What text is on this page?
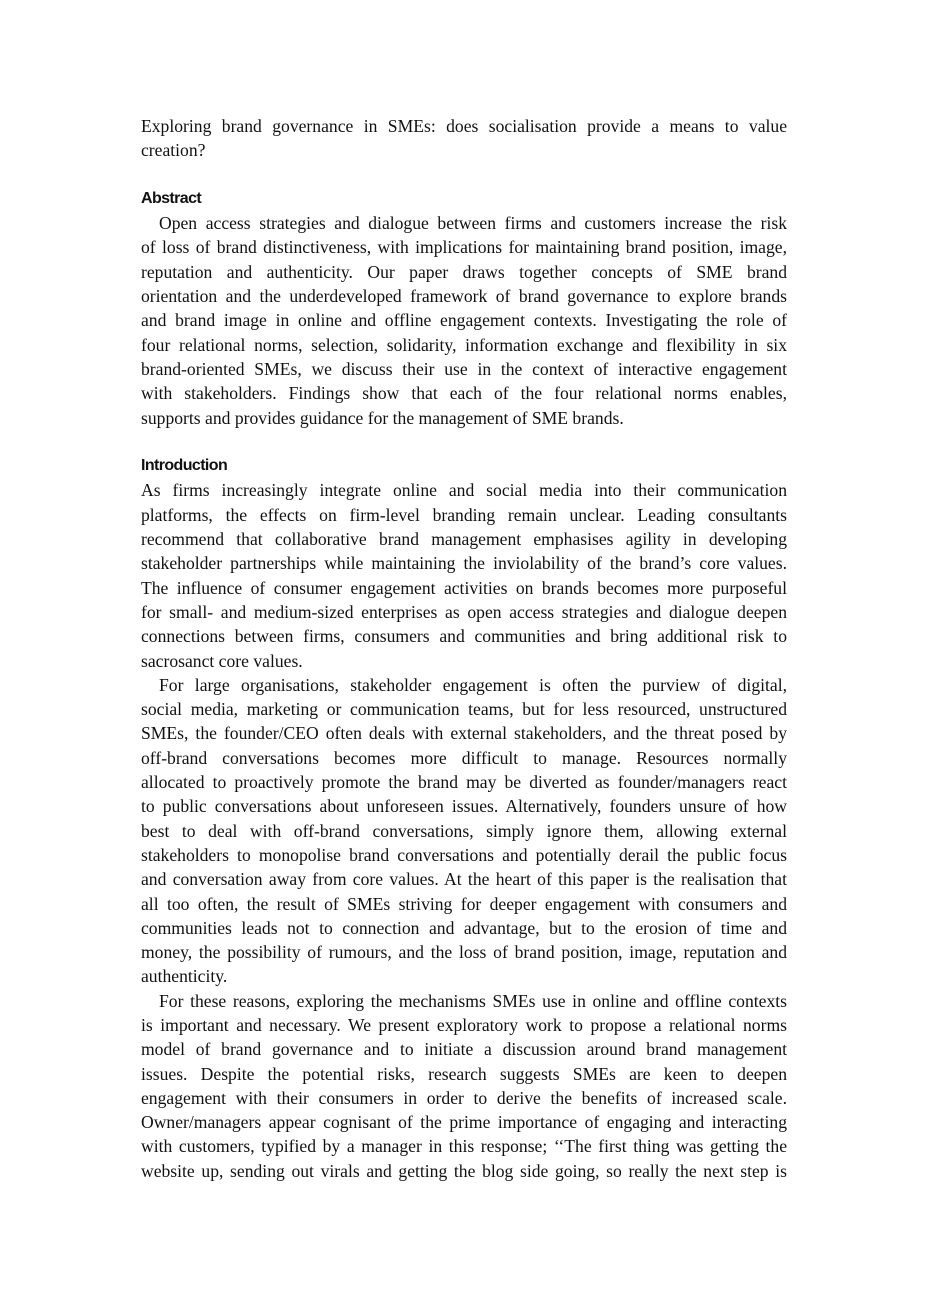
Exploring brand governance in SMEs: does socialisation provide a means to value
creation?

Abstract

Open access strategies and dialogue between firms and customers increase the risk
of loss of brand distinctiveness, with implications for maintaining brand position, image,
reputation and authenticity. Our paper draws together concepts of SME brand
orientation and the underdeveloped framework of brand governance to explore brands
and brand image in online and offline engagement contexts. Investigating the role of
four relational norms, selection, solidarity, information exchange and flexibility in six
brand-oriented SMEs, we discuss their use in the context of interactive engagement
with stakeholders. Findings show that each of the four relational norms enables,
supports and provides guidance for the management of SME brands.

Introduction

As firms increasingly integrate online and social media into their communication
platforms, the effects on firm-level branding remain unclear. Leading consultants
recommend that collaborative brand management emphasises agility in developing
stakeholder partnerships while maintaining the inviolability of the brand’s core values.
The influence of consumer engagement activities on brands becomes more purposeful
for small- and medium-sized enterprises as open access strategies and dialogue deepen
connections between firms, consumers and communities and bring additional risk to
sacrosanct core values.

For large organisations, stakeholder engagement is often the purview of digital,
social media, marketing or communication teams, but for less resourced, unstructured
SMEs, the founder/CEO often deals with external stakeholders, and the threat posed by
off-brand conversations becomes more difficult to manage. Resources normally
allocated to proactively promote the brand may be diverted as founder/managers react
to public conversations about unforeseen issues. Alternatively, founders unsure of how
best to deal with off-brand conversations, simply ignore them, allowing external
stakeholders to monopolise brand conversations and potentially derail the public focus
and conversation away from core values. At the heart of this paper is the realisation that
all too often, the result of SMEs striving for deeper engagement with consumers and
communities leads not to connection and advantage, but to the erosion of time and
money, the possibility of rumours, and the loss of brand position, image, reputation and
authenticity.

For these reasons, exploring the mechanisms SMEs use in online and offline contexts
is important and necessary. We present exploratory work to propose a relational norms
model of brand governance and to initiate a discussion around brand management
issues. Despite the potential risks, research suggests SMEs are keen to deepen
engagement with their consumers in order to derive the benefits of increased scale.
Owner/managers appear cognisant of the prime importance of engaging and interacting
with customers, typified by a manager in this response; ‘‘The first thing was getting the
website up, sending out virals and getting the blog side going, so really the next step is
